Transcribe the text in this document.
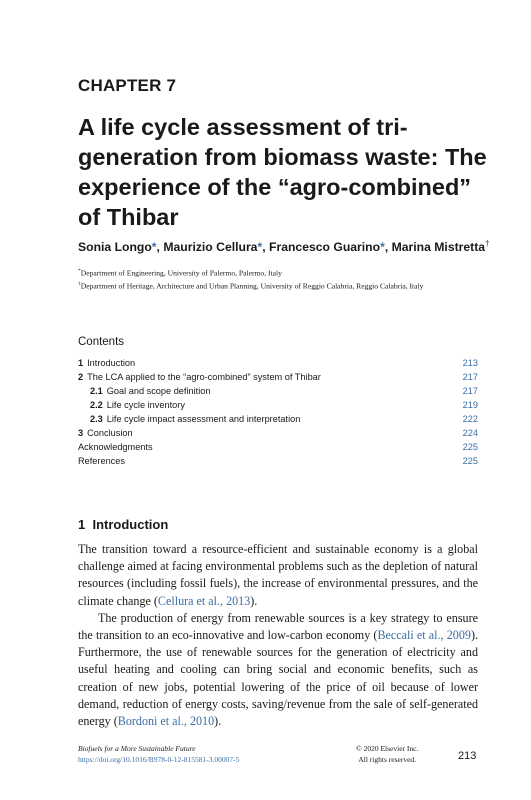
CHAPTER 7
A life cycle assessment of tri-generation from biomass waste: The experience of the “agro-combined” of Thibar
Sonia Longo*, Maurizio Cellura*, Francesco Guarino*, Marina Mistretta†
*Department of Engineering, University of Palermo, Palermo, Italy
†Department of Heritage, Architecture and Urban Planning, University of Reggio Calabria, Reggio Calabria, Italy
Contents
1 Introduction	213
2 The LCA applied to the “agro-combined” system of Thibar	217
2.1 Goal and scope definition	217
2.2 Life cycle inventory	219
2.3 Life cycle impact assessment and interpretation	222
3 Conclusion	224
Acknowledgments	225
References	225
1 Introduction

The transition toward a resource-efficient and sustainable economy is a global challenge aimed at facing environmental problems such as the depletion of natural resources (including fossil fuels), the increase of environmental pressures, and the climate change (Cellura et al., 2013).

The production of energy from renewable sources is a key strategy to ensure the transition to an eco-innovative and low-carbon economy (Beccali et al., 2009). Furthermore, the use of renewable sources for the generation of electricity and useful heating and cooling can bring social and economic benefits, such as creation of new jobs, potential lowering of the price of oil because of lower demand, reduction of energy costs, saving/revenue from the sale of self-generated energy (Bordoni et al., 2010).

Biofuels for a More Sustainable Future
https://doi.org/10.1016/B978-0-12-815581-3.00007-5
© 2020 Elsevier Inc.
All rights reserved.	213
